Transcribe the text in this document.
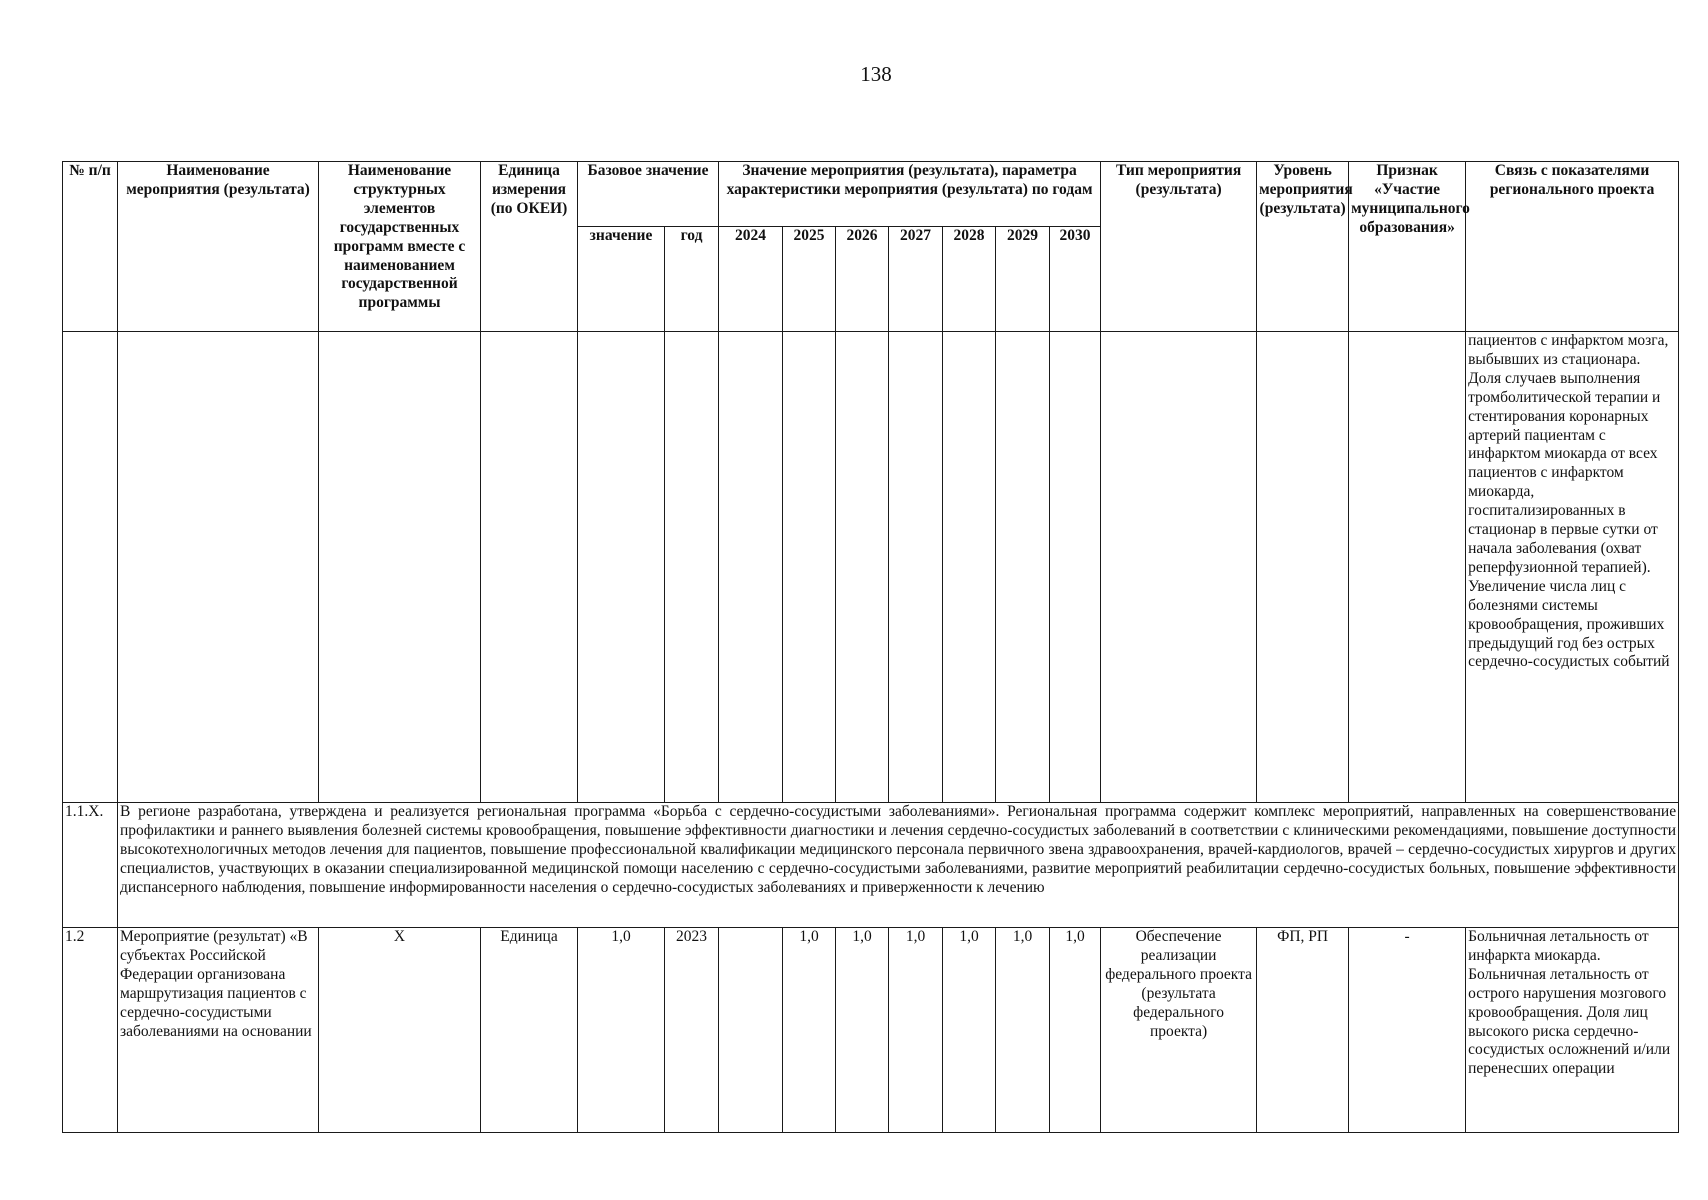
138
№ п/п	Наименование мероприятия (результата)	Наименование структурных элементов государственных программ вместе с наименованием государственной программы	Единица измерения (по ОКЕИ)	Базовое значение		Значение мероприятия (результата), параметра характеристики мероприятия (результата) по годам							Тип мероприятия (результата)	Уровень мероприятия (результата)	Признак «Участие муниципального образования»	Связь с показателями регионального проекта
				значение	год	2024	2025	2026	2027	2028	2029	2030				
																пациентов с инфарктом мозга, выбывших из стационара. Доля случаев выполнения тромболитической терапии и стентирования коронарных артерий пациентам с инфарктом миокарда от всех пациентов с инфарктом миокарда, госпитализированных в стационар в первые сутки от начала заболевания (охват реперфузионной терапией). Увеличение числа лиц с болезнями системы кровообращения, проживших предыдущий год без острых сердечно-сосудистых событий
1.1.X.	В регионе разработана, утверждена и реализуется региональная программа «Борьба с сердечно-сосудистыми заболеваниями». Региональная программа содержит комплекс мероприятий, направленных на совершенствование профилактики и раннего выявления болезней системы кровообращения, повышение эффективности диагностики и лечения сердечно-сосудистых заболеваний в соответствии с клиническими рекомендациями, повышение доступности высокотехнологичных методов лечения для пациентов, повышение профессиональной квалификации медицинского персонала первичного звена здравоохранения, врачей-кардиологов, врачей – сердечно-сосудистых хирургов и других специалистов, участвующих в оказании специализированной медицинской помощи населению с сердечно-сосудистыми заболеваниями, развитие мероприятий реабилитации сердечно-сосудистых больных, повышение эффективности диспансерного наблюдения, повышение информированности населения о сердечно-сосудистых заболеваниях и приверженности к лечению															
1.2	Мероприятие (результат) «В субъектах Российской Федерации организована маршрутизация пациентов с сердечно-сосудистыми заболеваниями на основании	Х	Единица	1,0	2023		1,0	1,0	1,0	1,0	1,0	1,0	Обеспечение реализации федерального проекта (результата федерального проекта)	ФП, РП	-	Больничная летальность от инфаркта миокарда. Больничная летальность от острого нарушения мозгового кровообращения. Доля лиц высокого риска сердечно-сосудистых осложнений и/или перенесших операции
